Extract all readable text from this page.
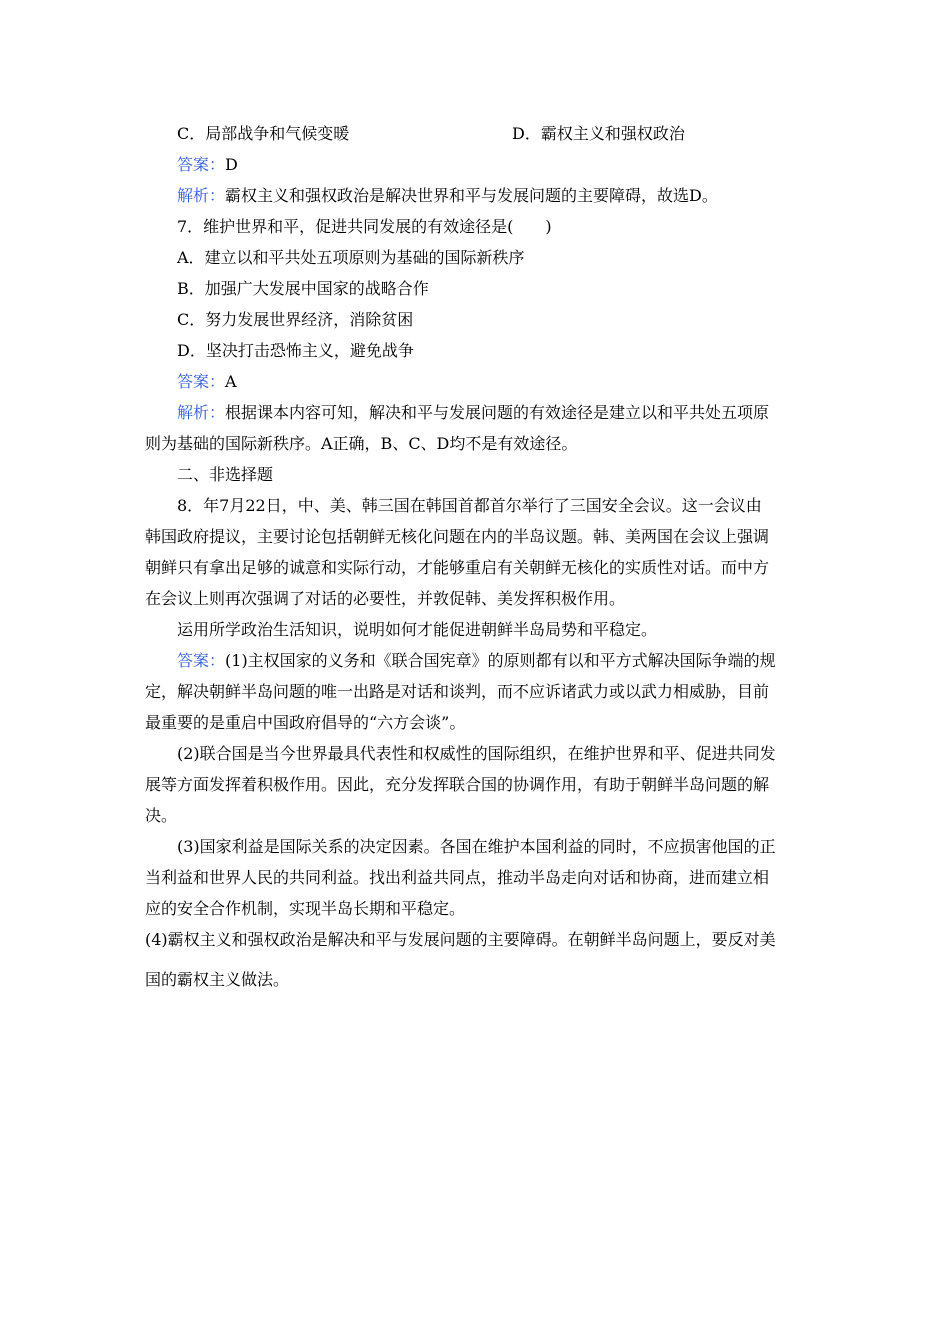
C．局部战争和气候变暖	D．霸权主义和强权政治
答案：D
解析：霸权主义和强权政治是解决世界和平与发展问题的主要障碍，故选D。
7．维护世界和平，促进共同发展的有效途径是(　　)
A．建立以和平共处五项原则为基础的国际新秩序
B．加强广大发展中国家的战略合作
C．努力发展世界经济，消除贫困
D．坚决打击恐怖主义，避免战争
答案：A
解析：根据课本内容可知，解决和平与发展问题的有效途径是建立以和平共处五项原
则为基础的国际新秩序。A正确，B、C、D均不是有效途径。
二、非选择题
8．年7月22日，中、美、韩三国在韩国首都首尔举行了三国安全会议。这一会议由
韩国政府提议，主要讨论包括朝鲜无核化问题在内的半岛议题。韩、美两国在会议上强调
朝鲜只有拿出足够的诚意和实际行动，才能够重启有关朝鲜无核化的实质性对话。而中方
在会议上则再次强调了对话的必要性，并敦促韩、美发挥积极作用。
运用所学政治生活知识，说明如何才能促进朝鲜半岛局势和平稳定。
答案：(1)主权国家的义务和《联合国宪章》的原则都有以和平方式解决国际争端的规
定，解决朝鲜半岛问题的唯一出路是对话和谈判，而不应诉诸武力或以武力相威胁，目前
最重要的是重启中国政府倡导的“六方会谈”。
(2)联合国是当今世界最具代表性和权威性的国际组织，在维护世界和平、促进共同发
展等方面发挥着积极作用。因此，充分发挥联合国的协调作用，有助于朝鲜半岛问题的解
决。
(3)国家利益是国际关系的决定因素。各国在维护本国利益的同时，不应损害他国的正
当利益和世界人民的共同利益。找出利益共同点，推动半岛走向对话和协商，进而建立相
应的安全合作机制，实现半岛长期和平稳定。
(4)霸权主义和强权政治是解决和平与发展问题的主要障碍。在朝鲜半岛问题上，要反对美
国的霸权主义做法。
